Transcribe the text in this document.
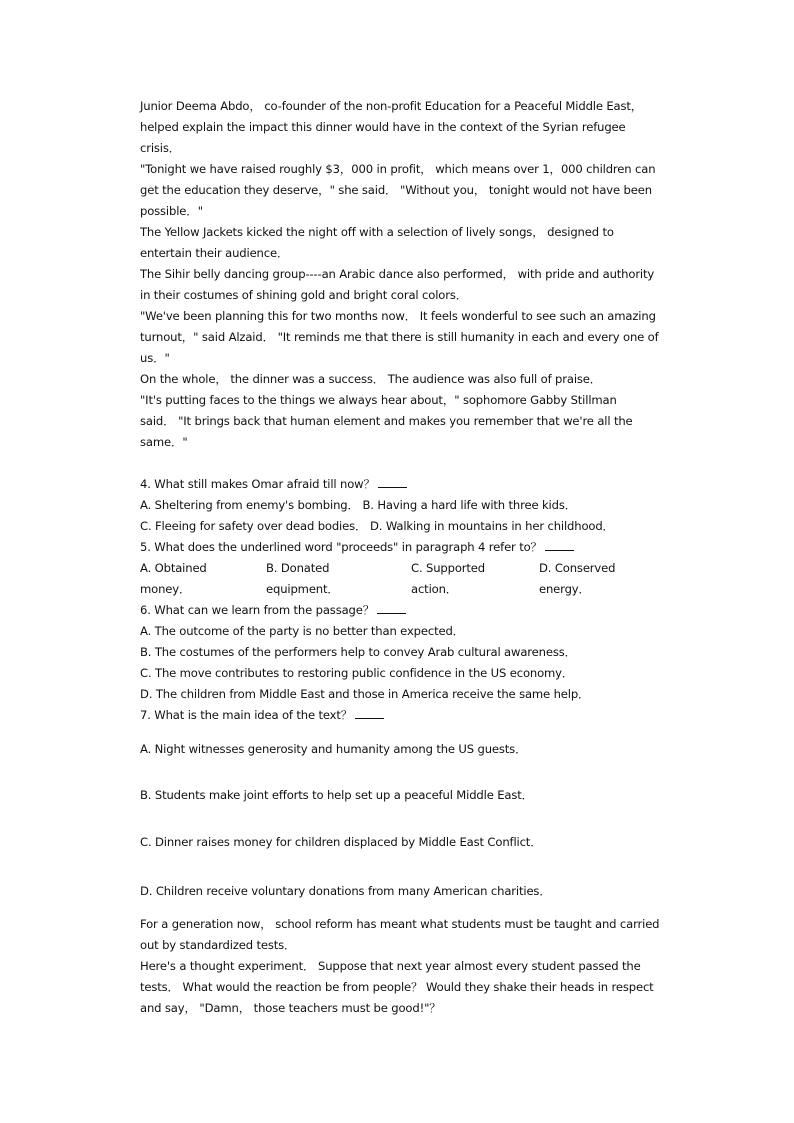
Junior Deema Abdo， co-founder of the non-profit Education for a Peaceful Middle East，
helped explain the impact this dinner would have in the context of the Syrian refugee
crisis．
"Tonight we have raised roughly $3，000 in profit， which means over 1，000 children can
get the education they deserve，" she said． "Without you， tonight would not have been
possible．"
The Yellow Jackets kicked the night off with a selection of lively songs， designed to
entertain their audience．
The Sihir belly dancing group----an Arabic dance also performed， with pride and authority
in their costumes of shining gold and bright coral colors．
"We've been planning this for two months now． It feels wonderful to see such an amazing
turnout，" said Alzaid． "It reminds me that there is still humanity in each and every one of
us．"
On the whole， the dinner was a success． The audience was also full of praise．
"It's putting faces to the things we always hear about，" sophomore Gabby Stillman
said． "It brings back that human element and makes you remember that we're all the
same．"
4. What still makes Omar afraid till now？
A. Sheltering from enemy's bombing． B. Having a hard life with three kids．
C. Fleeing for safety over dead bodies． D. Walking in mountains in her childhood．
5. What does the underlined word "proceeds" in paragraph 4 refer to？
A. Obtained	B. Donated	C. Supported	D. Conserved
money．	equipment．	action．	energy．
6. What can we learn from the passage？
A. The outcome of the party is no better than expected．
B. The costumes of the performers help to convey Arab cultural awareness．
C. The move contributes to restoring public confidence in the US economy．
D. The children from Middle East and those in America receive the same help．
7. What is the main idea of the text？
A. Night witnesses generosity and humanity among the US guests．
B. Students make joint efforts to help set up a peaceful Middle East．
C. Dinner raises money for children displaced by Middle East Conflict．
D. Children receive voluntary donations from many American charities．
For a generation now， school reform has meant what students must be taught and carried
out by standardized tests．
Here's a thought experiment． Suppose that next year almost every student passed the
tests． What would the reaction be from people？ Would they shake their heads in respect
and say， "Damn， those teachers must be good!"？
